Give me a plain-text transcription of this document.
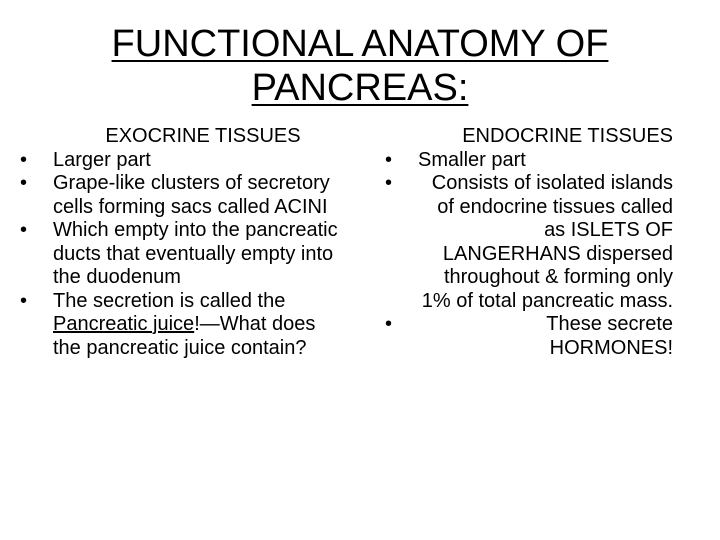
FUNCTIONAL ANATOMY OF
PANCREAS:
EXOCRINE TISSUES
• Larger part
• Grape-like clusters of secretory cells forming sacs called ACINI
• Which empty into the pancreatic ducts that eventually empty into the duodenum
• The secretion is called the Pancreatic juice!—What does the pancreatic juice contain?
ENDOCRINE TISSUES
• Smaller part
•	Consists of isolated islands of endocrine tissues called as ISLETS OF LANGERHANS dispersed throughout & forming only 1% of total pancreatic mass.
•	These secrete HORMONES!
